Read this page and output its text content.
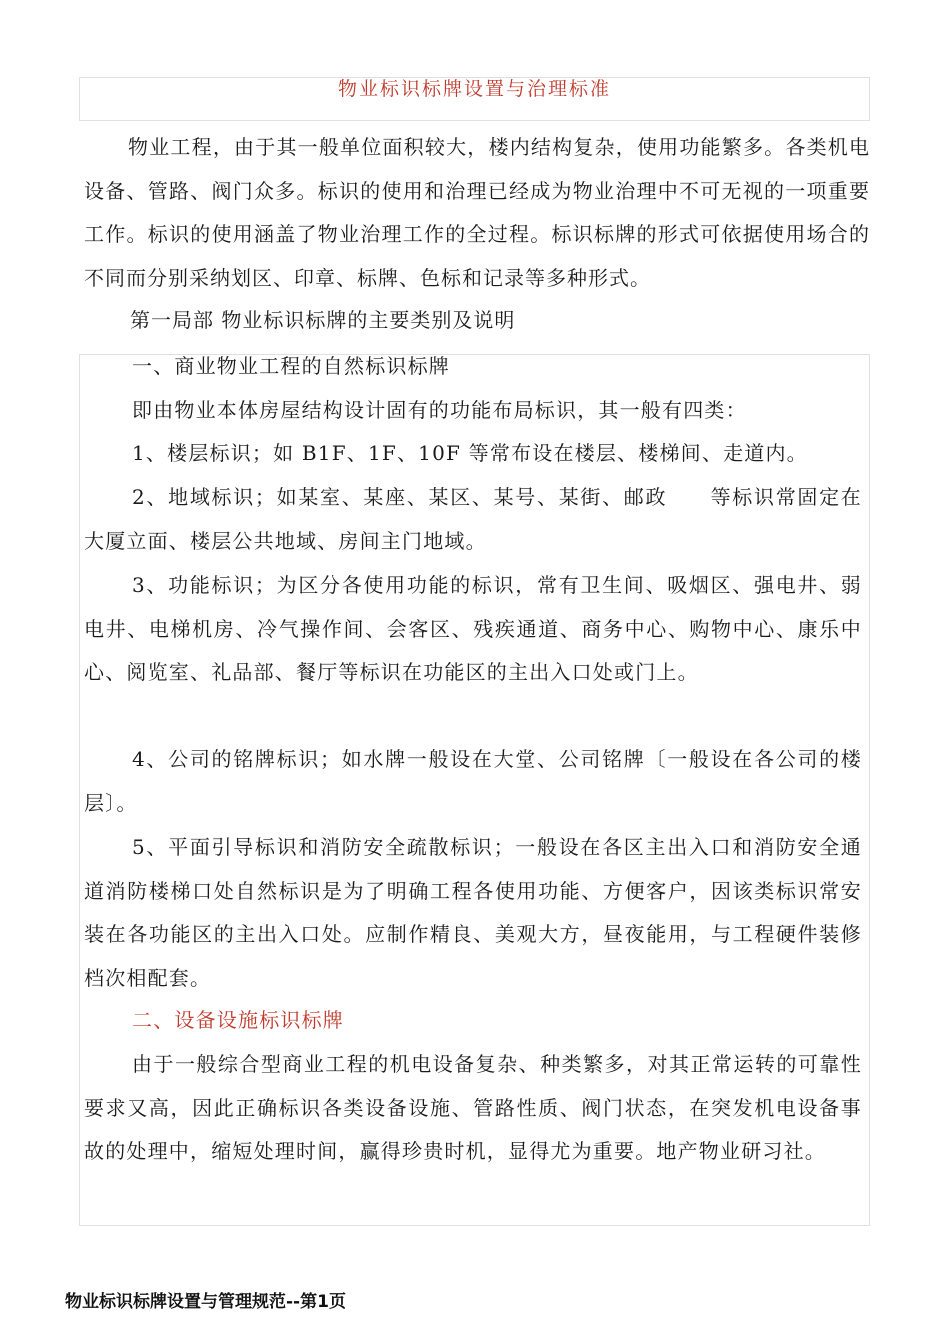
物业标识标牌设置与治理标准

物业工程，由于其一般单位面积较大，楼内结构复杂，使用功能繁多。各类机电设备、管路、阀门众多。标识的使用和治理已经成为物业治理中不可无视的一项重要工作。标识的使用涵盖了物业治理工作的全过程。标识标牌的形式可依据使用场合的不同而分别采纳划区、印章、标牌、色标和记录等多种形式。

第一局部 物业标识标牌的主要类别及说明

一、商业物业工程的自然标识标牌

即由物业本体房屋结构设计固有的功能布局标识，其一般有四类：

1、楼层标识；如 B1F、1F、10F 等常布设在楼层、楼梯间、走道内。

2、地域标识；如某室、某座、某区、某号、某街、邮政　　等标识常固定在大厦立面、楼层公共地域、房间主门地域。

3、功能标识；为区分各使用功能的标识，常有卫生间、吸烟区、强电井、弱电井、电梯机房、冷气操作间、会客区、残疾通道、商务中心、购物中心、康乐中心、阅览室、礼品部、餐厅等标识在功能区的主出入口处或门上。

4、公司的铭牌标识；如水牌一般设在大堂、公司铭牌〔一般设在各公司的楼层〕。

5、平面引导标识和消防安全疏散标识；一般设在各区主出入口和消防安全通道消防楼梯口处自然标识是为了明确工程各使用功能、方便客户，因该类标识常安装在各功能区的主出入口处。应制作精良、美观大方，昼夜能用，与工程硬件装修档次相配套。

二、设备设施标识标牌

由于一般综合型商业工程的机电设备复杂、种类繁多，对其正常运转的可靠性要求又高，因此正确标识各类设备设施、管路性质、阀门状态，在突发机电设备事故的处理中，缩短处理时间，赢得珍贵时机，显得尤为重要。地产物业研习社。

物业标识标牌设置与管理规范--第1页
